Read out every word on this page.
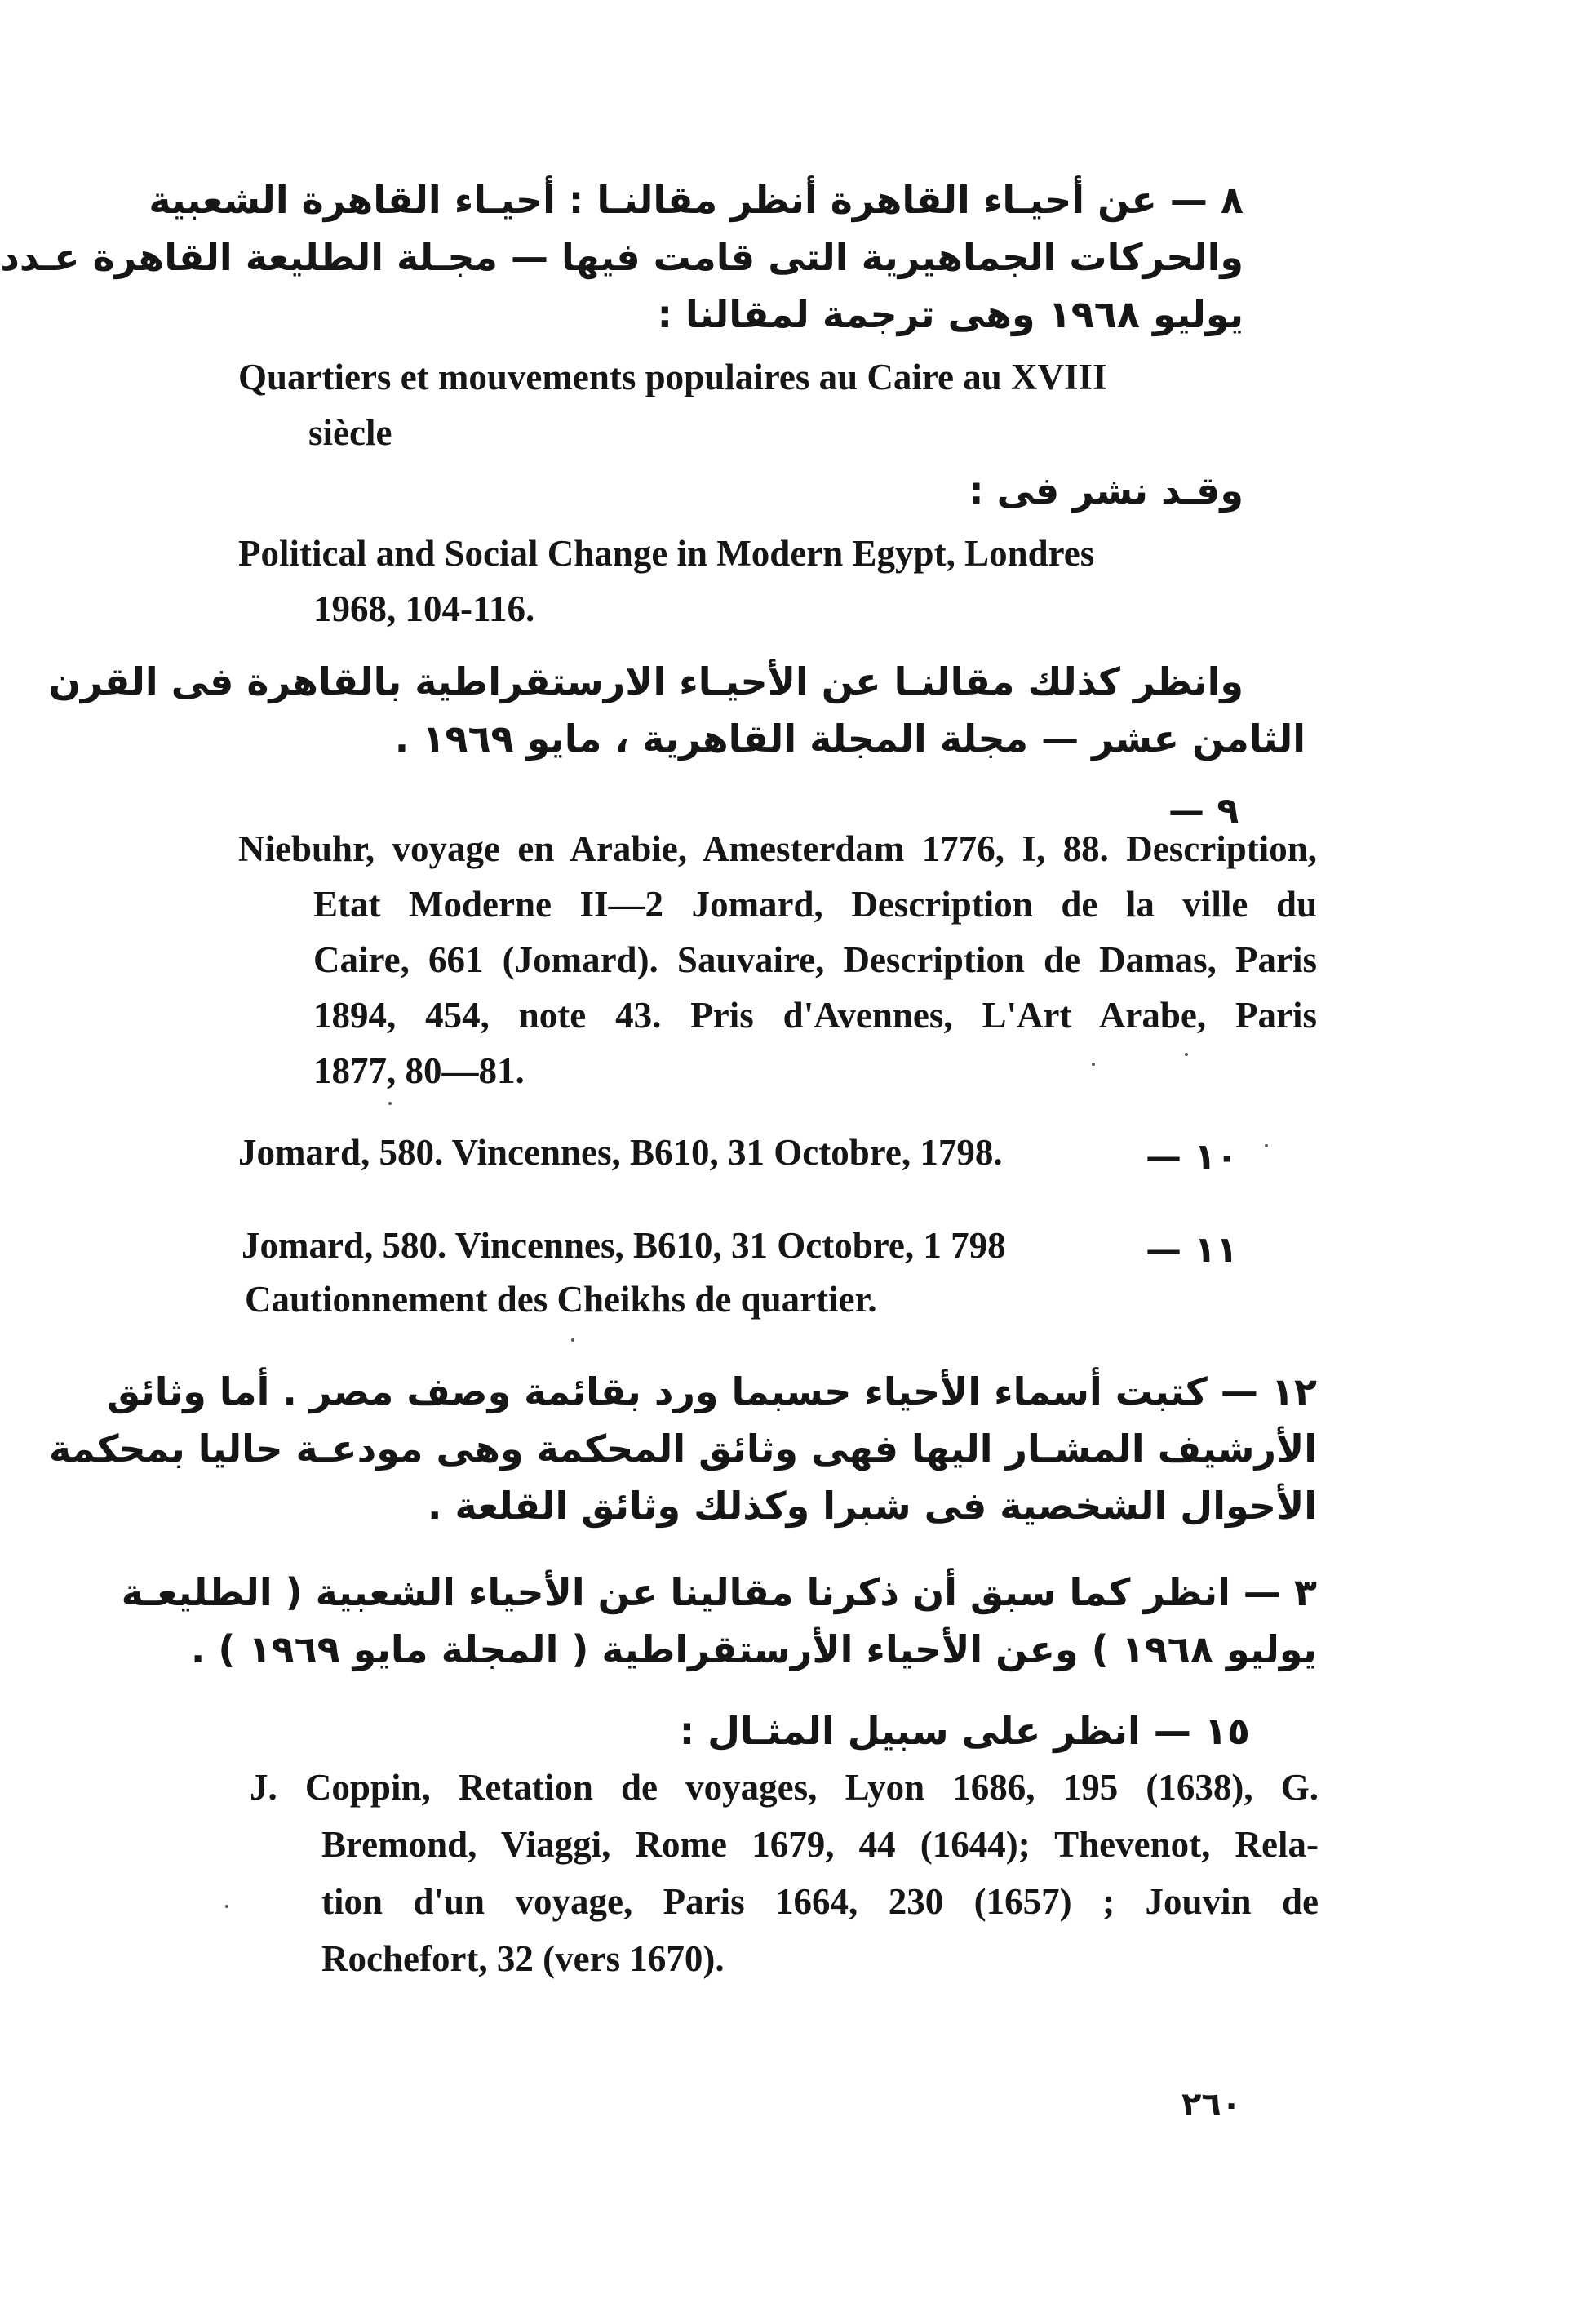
٨ — عن أحيـاء القاهرة أنظر مقالنـا : أحيـاء القاهرة الشعبية
والحركات الجماهيرية التى قامت فيها — مجـلة الطليعة القاهرة عـدد
يوليو ١٩٦٨ وهى ترجمة لمقالنا :
Quartiers et mouvements populaires au Caire au XVIII
siècle
وقـد نشر فى :
Political and Social Change in Modern Egypt, Londres
1968, 104-116.
وانظر كذلك مقالنـا عن الأحيـاء الارستقراطية بالقاهرة فى القرن
الثامن عشر — مجلة المجلة القاهرية ، مايو ١٩٦٩ .
٩ —
Niebuhr, voyage en Arabie, Amesterdam 1776, I, 88. Description,
Etat Moderne II—2 Jomard, Description de la ville du
Caire, 661 (Jomard). Sauvaire, Description de Damas, Paris
1894, 454, note 43. Pris d'Avennes, L'Art Arabe, Paris
1877, 80—81.
Jomard, 580. Vincennes, B610, 31 Octobre, 1798.	١٠ —
Jomard, 580. Vincennes, B610, 31 Octobre, 1 798	١١ —
Cautionnement des Cheikhs de quartier.
١٢ — كتبت أسماء الأحياء حسبما ورد بقائمة وصف مصر . أما وثائق
الأرشيف المشـار اليها فهى وثائق المحكمة وهى مودعـة حاليا بمحكمة
الأحوال الشخصية فى شبرا وكذلك وثائق القلعة .
٣ — انظر كما سبق أن ذكرنا مقالينا عن الأحياء الشعبية ( الطليعـة
يوليو ١٩٦٨ ) وعن الأحياء الأرستقراطية ( المجلة مايو ١٩٦٩ ) .
١٥ — انظر على سبيل المثـال :
J. Coppin, Retation de voyages, Lyon 1686, 195 (1638), G.
Bremond, Viaggi, Rome 1679, 44 (1644); Thevenot, Rela-
tion d'un voyage, Paris 1664, 230 (1657) ; Jouvin de
Rochefort, 32 (vers 1670).
٢٦٠
